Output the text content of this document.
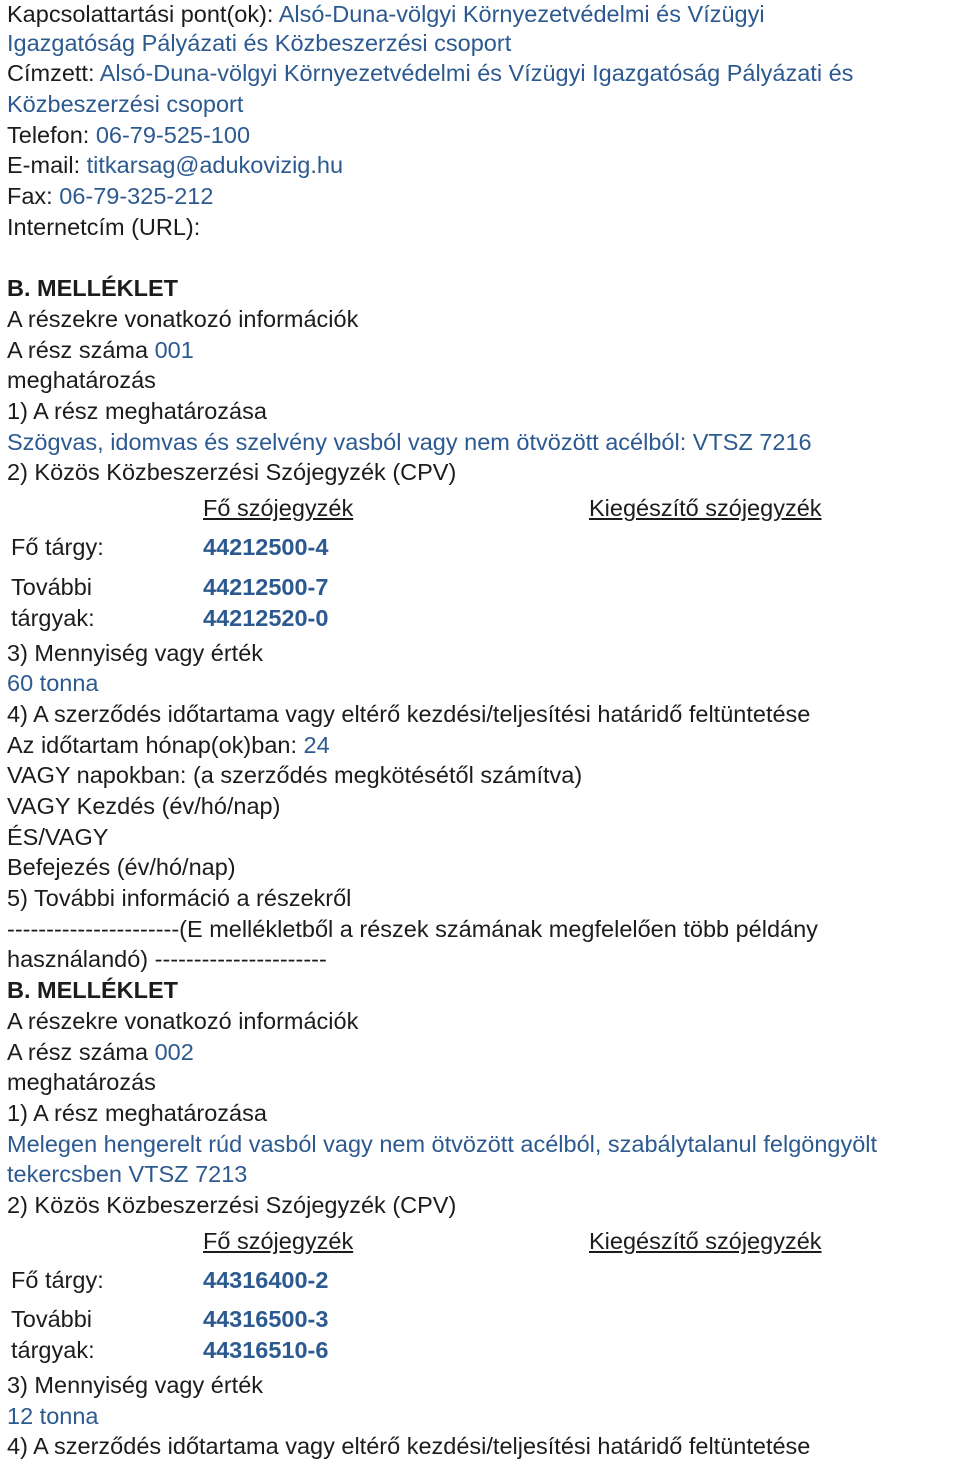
Kapcsolattartási pont(ok): Alsó-Duna-völgyi Környezetvédelmi és Vízügyi
Igazgatóság Pályázati és Közbeszerzési csoport
Címzett: Alsó-Duna-völgyi Környezetvédelmi és Vízügyi Igazgatóság Pályázati és
Közbeszerzési csoport
Telefon: 06-79-525-100
E-mail: titkarsag@adukovizig.hu
Fax: 06-79-325-212
Internetcím (URL):
B. MELLÉKLET
A részekre vonatkozó információk
A rész száma 001
meghatározás
1) A rész meghatározása
Szögvas, idomvas és szelvény vasból vagy nem ötvözött acélból: VTSZ 7216
2) Közös Közbeszerzési Szójegyzék (CPV)
Fő szójegyzék	Kiegészítő szójegyzék
Fő tárgy:	44212500-4
További	44212500-7
tárgyak:	44212520-0
3) Mennyiség vagy érték
60 tonna
4) A szerződés időtartama vagy eltérő kezdési/teljesítési határidő feltüntetése
Az időtartam hónap(ok)ban: 24
VAGY napokban: (a szerződés megkötésétől számítva)
VAGY Kezdés (év/hó/nap)
ÉS/VAGY
Befejezés (év/hó/nap)
5) További információ a részekről
----------------------(E mellékletből a részek számának megfelelően több példány
használandó) ----------------------
B. MELLÉKLET
A részekre vonatkozó információk
A rész száma 002
meghatározás
1) A rész meghatározása
Melegen hengerelt rúd vasból vagy nem ötvözött acélból, szabálytalanul felgöngyölt
tekercsben VTSZ 7213
2) Közös Közbeszerzési Szójegyzék (CPV)
Fő szójegyzék	Kiegészítő szójegyzék
Fő tárgy:	44316400-2
További	44316500-3
tárgyak:	44316510-6
3) Mennyiség vagy érték
12 tonna
4) A szerződés időtartama vagy eltérő kezdési/teljesítési határidő feltüntetése
